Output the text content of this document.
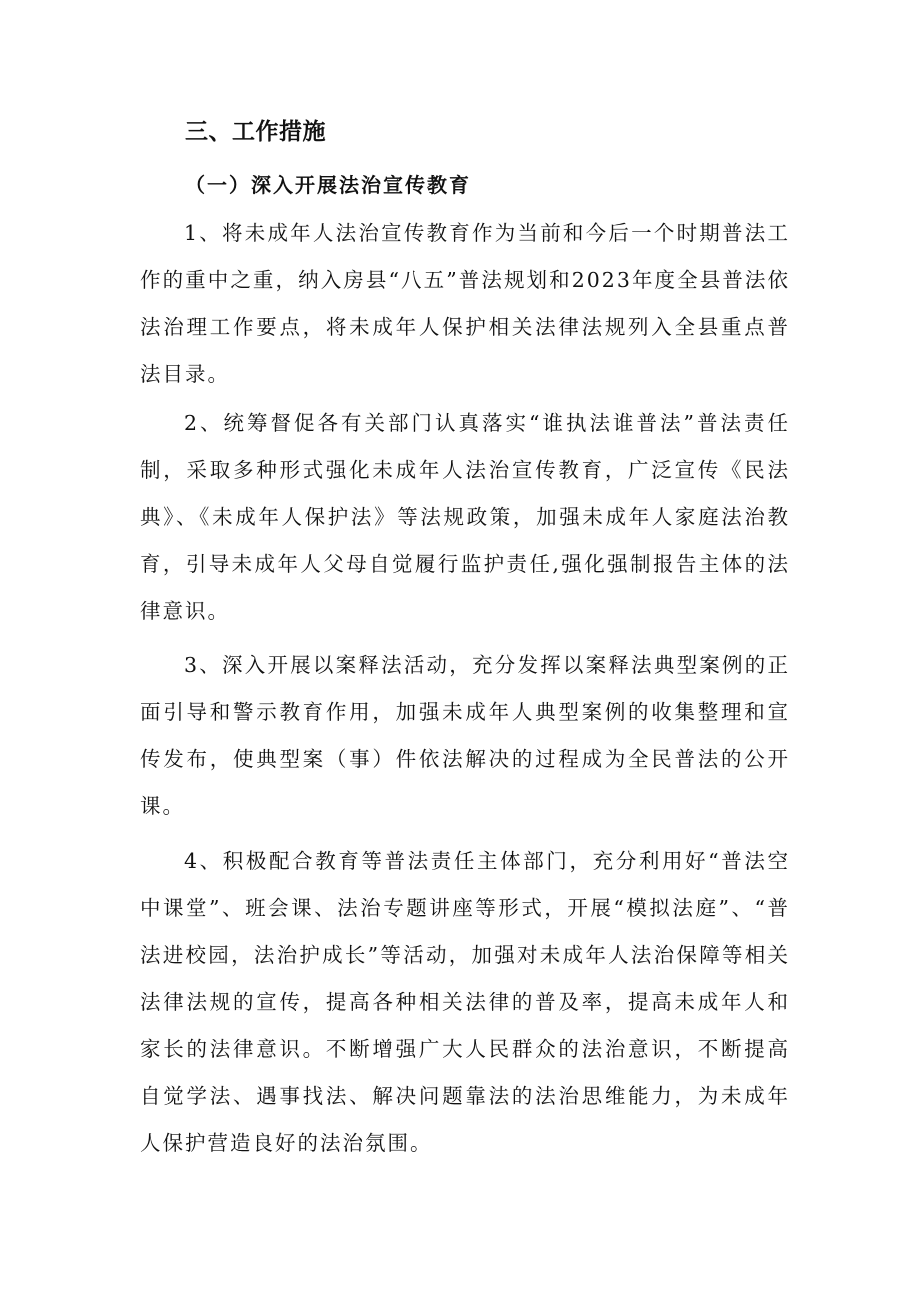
三、工作措施
（一）深入开展法治宣传教育

1、将未成年人法治宣传教育作为当前和今后一个时期普法工作的重中之重，纳入房县“八五”普法规划和2023年度全县普法依法治理工作要点，将未成年人保护相关法律法规列入全县重点普法目录。

2、统筹督促各有关部门认真落实“谁执法谁普法”普法责任制，采取多种形式强化未成年人法治宣传教育，广泛宣传《民法典》、《未成年人保护法》等法规政策，加强未成年人家庭法治教育，引导未成年人父母自觉履行监护责任,强化强制报告主体的法律意识。

3、深入开展以案释法活动，充分发挥以案释法典型案例的正面引导和警示教育作用，加强未成年人典型案例的收集整理和宣传发布，使典型案（事）件依法解决的过程成为全民普法的公开课。

4、积极配合教育等普法责任主体部门，充分利用好“普法空中课堂”、班会课、法治专题讲座等形式，开展“模拟法庭”、“普法进校园，法治护成长”等活动，加强对未成年人法治保障等相关法律法规的宣传，提高各种相关法律的普及率，提高未成年人和家长的法律意识。不断增强广大人民群众的法治意识，不断提高自觉学法、遇事找法、解决问题靠法的法治思维能力，为未成年人保护营造良好的法治氛围。
